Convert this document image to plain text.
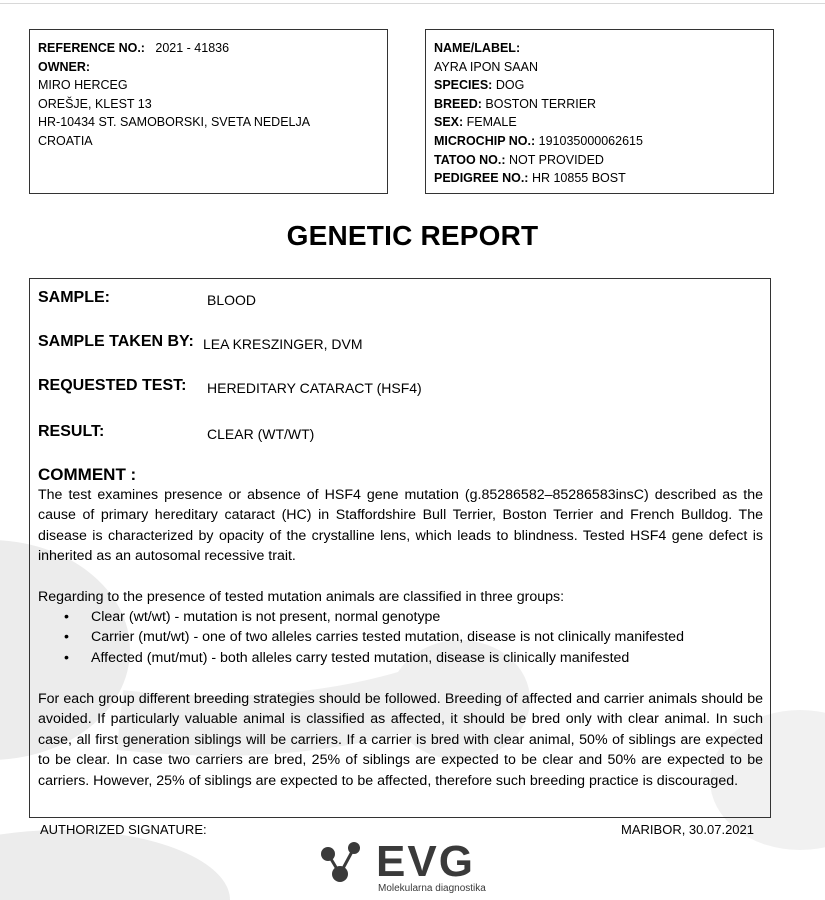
REFERENCE NO.: 2021 - 41836
OWNER:
MIRO HERCEG
OREŠJE, KLEST 13
HR-10434 ST. SAMOBORSKI, SVETA NEDELJA
CROATIA
NAME/LABEL:
AYRA IPON SAAN
SPECIES: DOG
BREED: BOSTON TERRIER
SEX: FEMALE
MICROCHIP NO.: 191035000062615
TATOO NO.: NOT PROVIDED
PEDIGREE NO.: HR 10855 BOST
GENETIC REPORT
SAMPLE:	BLOOD
SAMPLE TAKEN BY: LEA KRESZINGER, DVM
REQUESTED TEST: HEREDITARY CATARACT (HSF4)
RESULT:	CLEAR (WT/WT)
COMMENT :
The test examines presence or absence of HSF4 gene mutation (g.85286582–85286583insC) described as the cause of primary hereditary cataract (HC) in Staffordshire Bull Terrier, Boston Terrier and French Bulldog. The disease is characterized by opacity of the crystalline lens, which leads to blindness. Tested HSF4 gene defect is inherited as an autosomal recessive trait.
Regarding to the presence of tested mutation animals are classified in three groups:
• Clear (wt/wt) - mutation is not present, normal genotype
• Carrier (mut/wt) - one of two alleles carries tested mutation, disease is not clinically manifested
• Affected (mut/mut) - both alleles carry tested mutation, disease is clinically manifested
For each group different breeding strategies should be followed. Breeding of affected and carrier animals should be avoided. If particularly valuable animal is classified as affected, it should be bred only with clear animal. In such case, all first generation siblings will be carriers. If a carrier is bred with clear animal, 50% of siblings are expected to be clear. In case two carriers are bred, 25% of siblings are expected to be clear and 50% are expected to be carriers. However, 25% of siblings are expected to be affected, therefore such breeding practice is discouraged.
AUTHORIZED SIGNATURE:	MARIBOR, 30.07.2021
EVG
Molekularna diagnostika
